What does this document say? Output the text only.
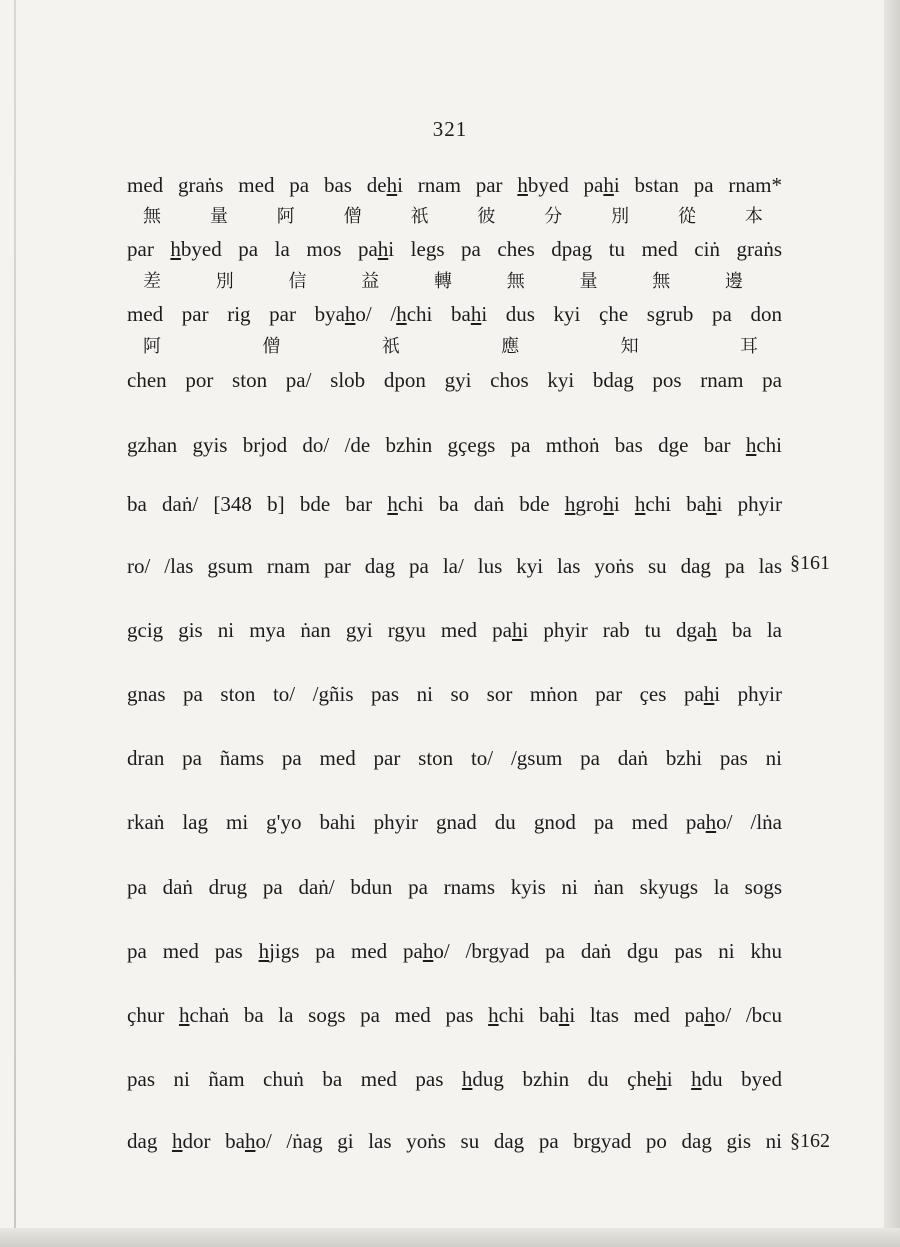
321
med graṅs med pa bas dehi rnam par hbyed pahi bstan pa rnam*
無	量	阿	僧	祇	彼	分	別	從	本
par hbyed pa la mos pahi legs pa ches dpag tu med ciṅ graṅs
差	別	信	益	轉	無	量	無	邊
med par rig par byaho/ /hchi bahi dus kyi ҫhe sgrub pa don
阿	僧	祇	應	知	耳
chen por ston pa/ slob dpon gyi chos kyi bdag pos rnam pa
gzhan gyis brjod do/ /de bzhin gҫegs pa mthoṅ bas dge bar hchi
ba daṅ/ [348 b] bde bar hchi ba daṅ bde hgrohi hchi bahi phyir
ro/ /las gsum rnam par dag pa la/ lus kyi las yoṅs su dag pa las §161
gcig gis ni mya ṅan gyi rgyu med pahi phyir rab tu dgah ba la
gnas pa ston to/ /gñis pas ni so sor mṅon par ҫes pahi phyir
dran pa ñams pa med par ston to/ /gsum pa daṅ bzhi pas ni
rkaṅ lag mi g'yo bahi phyir gnad du gnod pa med paho/ /lṅa
pa daṅ drug pa daṅ/ bdun pa rnams kyis ni ṅan skyugs la sogs
pa med pas hjigs pa med paho/ /brgyad pa daṅ dgu pas ni khu
ҫhur hchaṅ ba la sogs pa med pas hchi bahi ltas med paho/ /bcu
pas ni ñam chuṅ ba med pas hdug bzhin du ҫhehi hdu byed
dag hdor baho/ /ṅag gi las yoṅs su dag pa brgyad po dag gis ni §162
